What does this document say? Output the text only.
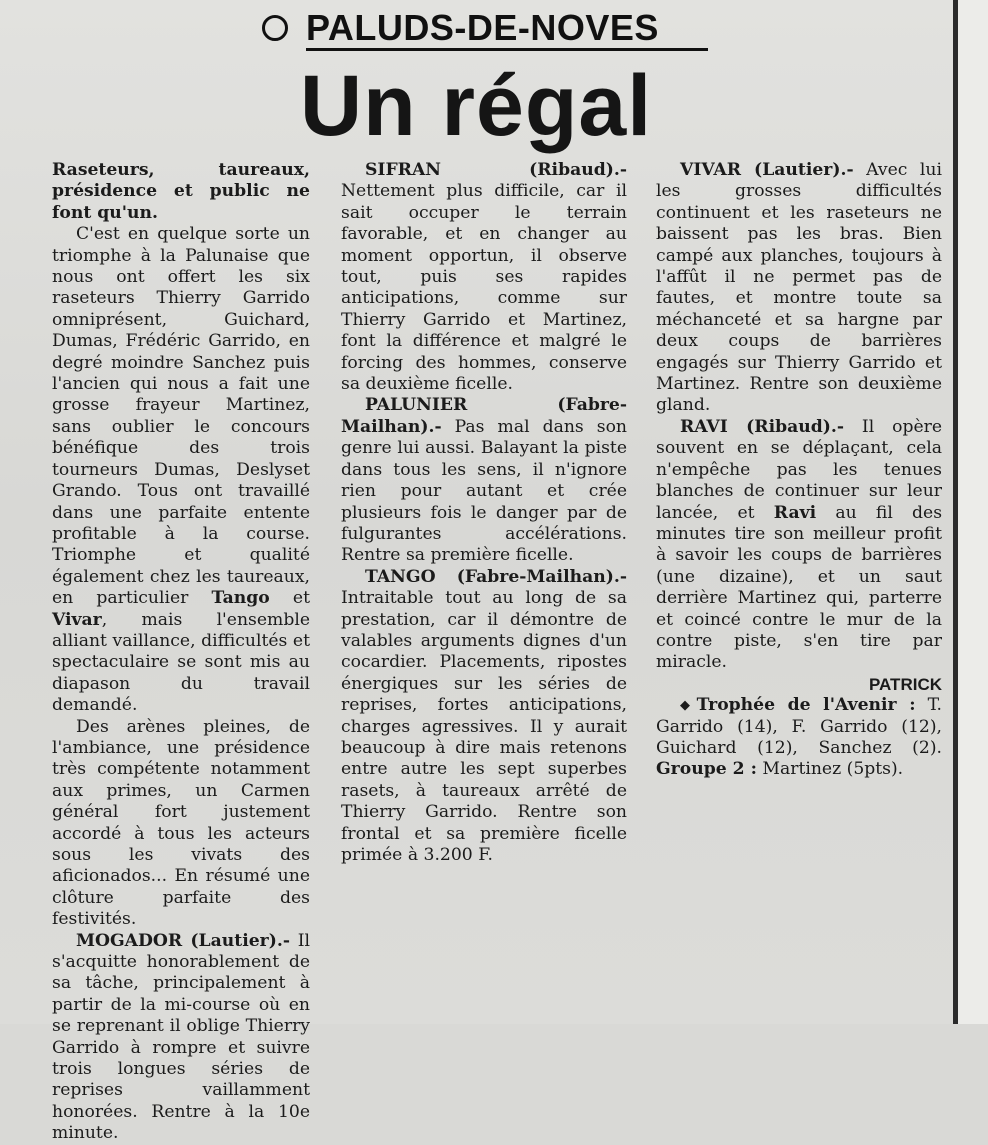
PALUDS-DE-NOVES
Un régal

Raseteurs, taureaux, présidence et public ne font qu'un.

C'est en quelque sorte un triomphe à la Palunaise que nous ont offert les six raseteurs Thierry Garrido omniprésent, Guichard, Dumas, Frédéric Garrido, en degré moindre Sanchez puis l'ancien qui nous a fait une grosse frayeur Martinez, sans oublier le concours bénéfique des trois tourneurs Dumas, Deslyset Grando. Tous ont travaillé dans une parfaite entente profitable à la course. Triomphe et qualité également chez les taureaux, en particulier Tango et Vivar, mais l'ensemble alliant vaillance, difficultés et spectaculaire se sont mis au diapason du travail demandé.

Des arènes pleines, de l'ambiance, une présidence très compétente notamment aux primes, un Carmen général fort justement accordé à tous les acteurs sous les vivats des aficionados... En résumé une clôture parfaite des festivités.

MOGADOR (Lautier).- Il s'acquitte honorablement de sa tâche, principalement à partir de la mi-course où en se reprenant il oblige Thierry Garrido à rompre et suivre trois longues séries de reprises vaillamment honorées. Rentre à la 10e minute.

SIFRAN (Ribaud).- Nettement plus difficile, car il sait occuper le terrain favorable, et en changer au moment opportun, il observe tout, puis ses rapides anticipations, comme sur Thierry Garrido et Martinez, font la différence et malgré le forcing des hommes, conserve sa deuxième ficelle.

PALUNIER (Fabre-Mailhan).- Pas mal dans son genre lui aussi. Balayant la piste dans tous les sens, il n'ignore rien pour autant et crée plusieurs fois le danger par de fulgurantes accélérations. Rentre sa première ficelle.

TANGO (Fabre-Mailhan).- Intraitable tout au long de sa prestation, car il démontre de valables arguments dignes d'un cocardier. Placements, ripostes énergiques sur les séries de reprises, fortes anticipations, charges agressives. Il y aurait beaucoup à dire mais retenons entre autre les sept superbes rasets, à taureaux arrêté de Thierry Garrido. Rentre son frontal et sa première ficelle primée à 3.200 F.

VIVAR (Lautier).- Avec lui les grosses difficultés continuent et les raseteurs ne baissent pas les bras. Bien campé aux planches, toujours à l'affût il ne permet pas de fautes, et montre toute sa méchanceté et sa hargne par deux coups de barrières engagés sur Thierry Garrido et Martinez. Rentre son deuxième gland.

RAVI (Ribaud).- Il opère souvent en se déplaçant, cela n'empêche pas les tenues blanches de continuer sur leur lancée, et Ravi au fil des minutes tire son meilleur profit à savoir les coups de barrières (une dizaine), et un saut derrière Martinez qui, parterre et coincé contre le mur de la contre piste, s'en tire par miracle.

PATRICK

◆Trophée de l'Avenir : T. Garrido (14), F. Garrido (12), Guichard (12), Sanchez (2). Groupe 2 : Martinez (5pts).
